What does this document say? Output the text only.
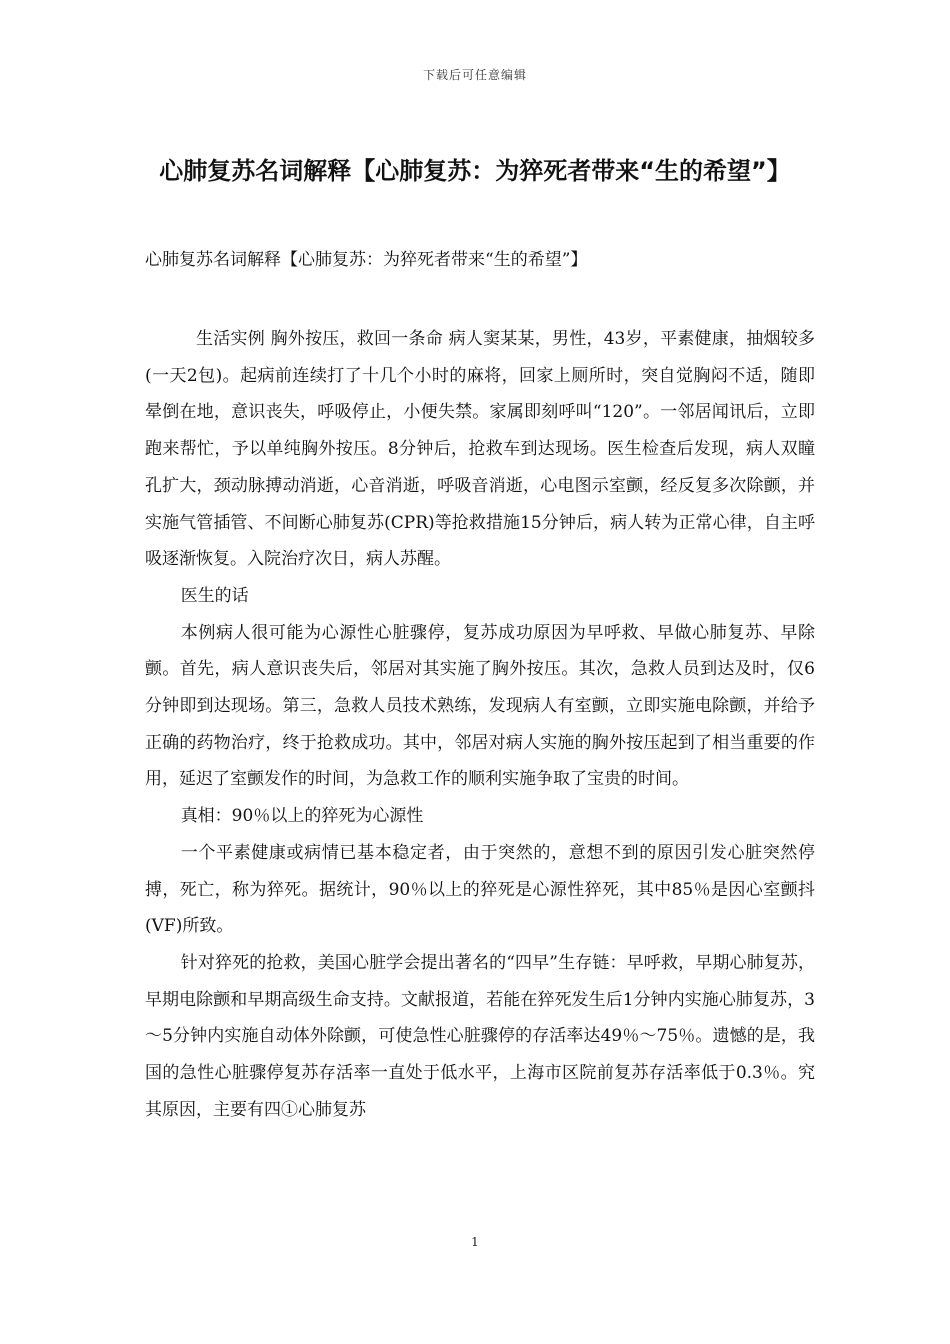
下载后可任意编辑
心肺复苏名词解释【心肺复苏：为猝死者带来“生的希望”】
心肺复苏名词解释【心肺复苏：为猝死者带来“生的希望”】

生活实例 胸外按压，救回一条命 病人窦某某，男性，43岁，平素健康，抽烟较多(一天2包)。起病前连续打了十几个小时的麻将，回家上厕所时，突自觉胸闷不适，随即晕倒在地，意识丧失，呼吸停止，小便失禁。家属即刻呼叫“120”。一邻居闻讯后，立即跑来帮忙，予以单纯胸外按压。8分钟后，抢救车到达现场。医生检查后发现，病人双瞳孔扩大，颈动脉搏动消逝，心音消逝，呼吸音消逝，心电图示室颤，经反复多次除颤，并实施气管插管、不间断心肺复苏(CPR)等抢救措施15分钟后，病人转为正常心律，自主呼吸逐渐恢复。入院治疗次日，病人苏醒。

医生的话

本例病人很可能为心源性心脏骤停，复苏成功原因为早呼救、早做心肺复苏、早除颤。首先，病人意识丧失后，邻居对其实施了胸外按压。其次，急救人员到达及时，仅6分钟即到达现场。第三，急救人员技术熟练，发现病人有室颤，立即实施电除颤，并给予正确的药物治疗，终于抢救成功。其中，邻居对病人实施的胸外按压起到了相当重要的作用，延迟了室颤发作的时间，为急救工作的顺利实施争取了宝贵的时间。

真相：90％以上的猝死为心源性

一个平素健康或病情已基本稳定者，由于突然的，意想不到的原因引发心脏突然停搏，死亡，称为猝死。据统计，90％以上的猝死是心源性猝死，其中85％是因心室颤抖(VF)所致。

针对猝死的抢救，美国心脏学会提出著名的“四早”生存链：早呼救，早期心肺复苏，早期电除颤和早期高级生命支持。文献报道，若能在猝死发生后1分钟内实施心肺复苏，3～5分钟内实施自动体外除颤，可使急性心脏骤停的存活率达49％～75％。遗憾的是，我国的急性心脏骤停复苏存活率一直处于低水平，上海市区院前复苏存活率低于0.3％。究其原因，主要有四①心肺复苏

1
